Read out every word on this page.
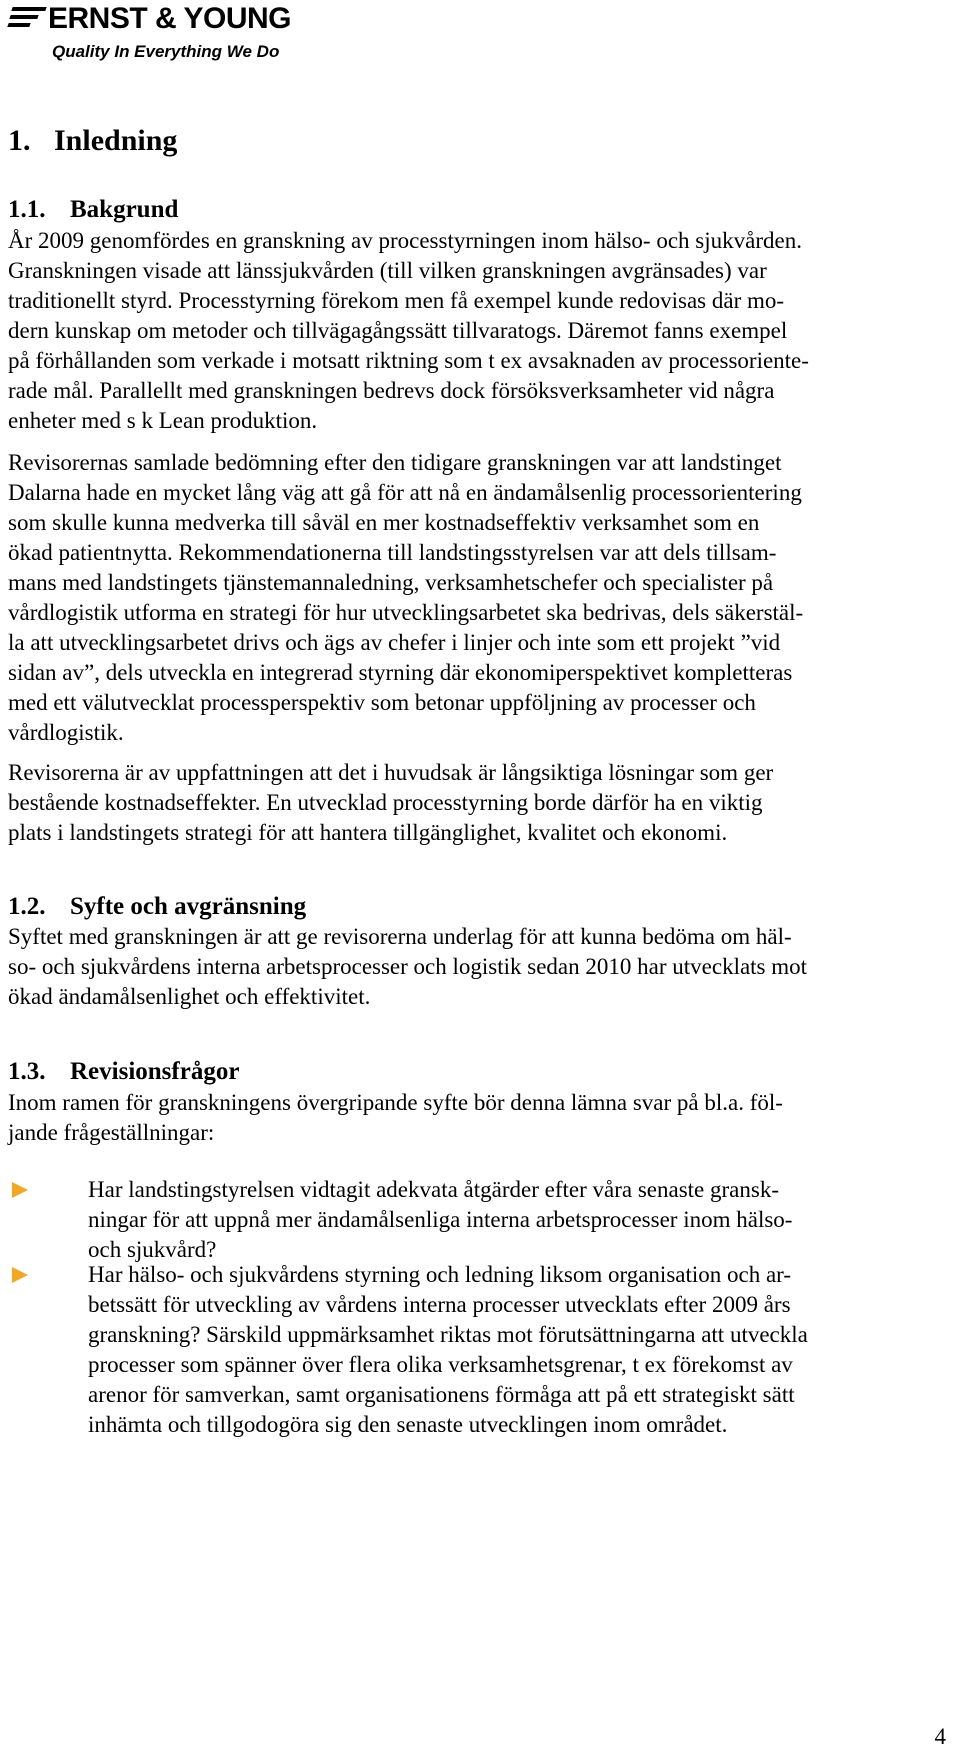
ERNST & YOUNG
Quality In Everything We Do
1. Inledning
1.1. Bakgrund
År 2009 genomfördes en granskning av processtyrningen inom hälso- och sjukvården.
Granskningen visade att länssjukvården (till vilken granskningen avgränsades) var
traditionellt styrd. Processtyrning förekom men få exempel kunde redovisas där mo-
dern kunskap om metoder och tillvägagångssätt tillvaratogs. Däremot fanns exempel
på förhållanden som verkade i motsatt riktning som t ex avsaknaden av processoriente-
rade mål. Parallellt med granskningen bedrevs dock försöksverksamheter vid några
enheter med s k Lean produktion.
Revisorernas samlade bedömning efter den tidigare granskningen var att landstinget
Dalarna hade en mycket lång väg att gå för att nå en ändamålsenlig processorientering
som skulle kunna medverka till såväl en mer kostnadseffektiv verksamhet som en
ökad patientnytta. Rekommendationerna till landstingsstyrelsen var att dels tillsam-
mans med landstingets tjänstemannaledning, verksamhetschefer och specialister på
vårdlogistik utforma en strategi för hur utvecklingsarbetet ska bedrivas, dels säkerstäl-
la att utvecklingsarbetet drivs och ägs av chefer i linjer och inte som ett projekt ”vid
sidan av”, dels utveckla en integrerad styrning där ekonomiperspektivet kompletteras
med ett välutvecklat processperspektiv som betonar uppföljning av processer och
vårdlogistik.
Revisorerna är av uppfattningen att det i huvudsak är långsiktiga lösningar som ger
bestående kostnadseffekter. En utvecklad processtyrning borde därför ha en viktig
plats i landstingets strategi för att hantera tillgänglighet, kvalitet och ekonomi.
1.2. Syfte och avgränsning
Syftet med granskningen är att ge revisorerna underlag för att kunna bedöma om häl-
so- och sjukvårdens interna arbetsprocesser och logistik sedan 2010 har utvecklats mot
ökad ändamålsenlighet och effektivitet.
1.3. Revisionsfrågor
Inom ramen för granskningens övergripande syfte bör denna lämna svar på bl.a. föl-
jande frågeställningar:
Har landstingstyrelsen vidtagit adekvata åtgärder efter våra senaste gransk-
ningar för att uppnå mer ändamålsenliga interna arbetsprocesser inom hälso-
och sjukvård?
Har hälso- och sjukvårdens styrning och ledning liksom organisation och ar-
betssätt för utveckling av vårdens interna processer utvecklats efter 2009 års
granskning? Särskild uppmärksamhet riktas mot förutsättningarna att utveckla
processer som spänner över flera olika verksamhetsgrenar, t ex förekomst av
arenor för samverkan, samt organisationens förmåga att på ett strategiskt sätt
inhämta och tillgodogöra sig den senaste utvecklingen inom området.
4
